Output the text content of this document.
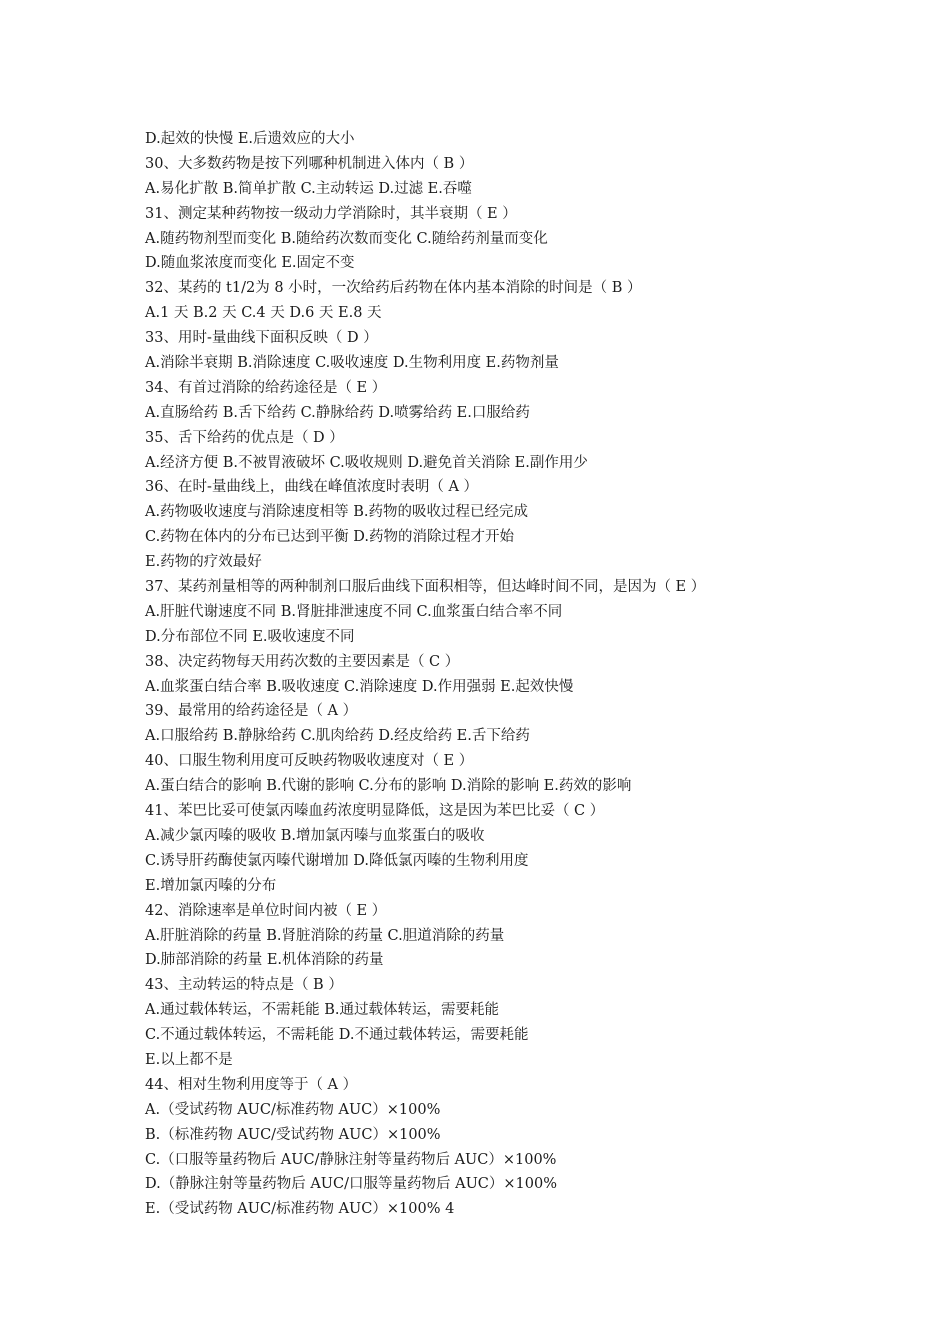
D.起效的快慢 E.后遗效应的大小

30、大多数药物是按下列哪种机制进入体内（ B ）

A.易化扩散 B.简单扩散 C.主动转运 D.过滤 E.吞噬

31、测定某种药物按一级动力学消除时，其半衰期（ E ）

A.随药物剂型而变化 B.随给药次数而变化 C.随给药剂量而变化

D.随血浆浓度而变化 E.固定不变

32、某药的 t1/2为 8 小时，一次给药后药物在体内基本消除的时间是（ B ）

A.1 天 B.2 天 C.4 天 D.6 天 E.8 天

33、用时-量曲线下面积反映（ D ）

A.消除半衰期 B.消除速度 C.吸收速度 D.生物利用度 E.药物剂量

34、有首过消除的给药途径是（ E ）

A.直肠给药 B.舌下给药 C.静脉给药 D.喷雾给药 E.口服给药

35、舌下给药的优点是（ D ）

A.经济方便 B.不被胃液破坏 C.吸收规则 D.避免首关消除 E.副作用少

36、在时-量曲线上，曲线在峰值浓度时表明（ A ）

A.药物吸收速度与消除速度相等 B.药物的吸收过程已经完成

C.药物在体内的分布已达到平衡 D.药物的消除过程才开始

E.药物的疗效最好

37、某药剂量相等的两种制剂口服后曲线下面积相等，但达峰时间不同，是因为（ E ）

A.肝脏代谢速度不同 B.肾脏排泄速度不同 C.血浆蛋白结合率不同

D.分布部位不同 E.吸收速度不同

38、决定药物每天用药次数的主要因素是（ C ）

A.血浆蛋白结合率 B.吸收速度 C.消除速度 D.作用强弱 E.起效快慢

39、最常用的给药途径是（ A ）

A.口服给药 B.静脉给药 C.肌肉给药 D.经皮给药 E.舌下给药

40、口服生物利用度可反映药物吸收速度对（ E ）

A.蛋白结合的影响 B.代谢的影响 C.分布的影响 D.消除的影响 E.药效的影响

41、苯巴比妥可使氯丙嗪血药浓度明显降低，这是因为苯巴比妥（ C ）

A.减少氯丙嗪的吸收 B.增加氯丙嗪与血浆蛋白的吸收

C.诱导肝药酶使氯丙嗪代谢增加 D.降低氯丙嗪的生物利用度

E.增加氯丙嗪的分布

42、消除速率是单位时间内被（ E ）

A.肝脏消除的药量 B.肾脏消除的药量 C.胆道消除的药量

D.肺部消除的药量 E.机体消除的药量

43、主动转运的特点是（ B ）

A.通过载体转运，不需耗能 B.通过载体转运，需要耗能

C.不通过载体转运，不需耗能 D.不通过载体转运，需要耗能

E.以上都不是

44、相对生物利用度等于（ A ）

A.（受试药物 AUC/标准药物 AUC）×100%

B.（标准药物 AUC/受试药物 AUC）×100%

C.（口服等量药物后 AUC/静脉注射等量药物后 AUC）×100%

D.（静脉注射等量药物后 AUC/口服等量药物后 AUC）×100%

E.（受试药物 AUC/标准药物 AUC）×100% 4
